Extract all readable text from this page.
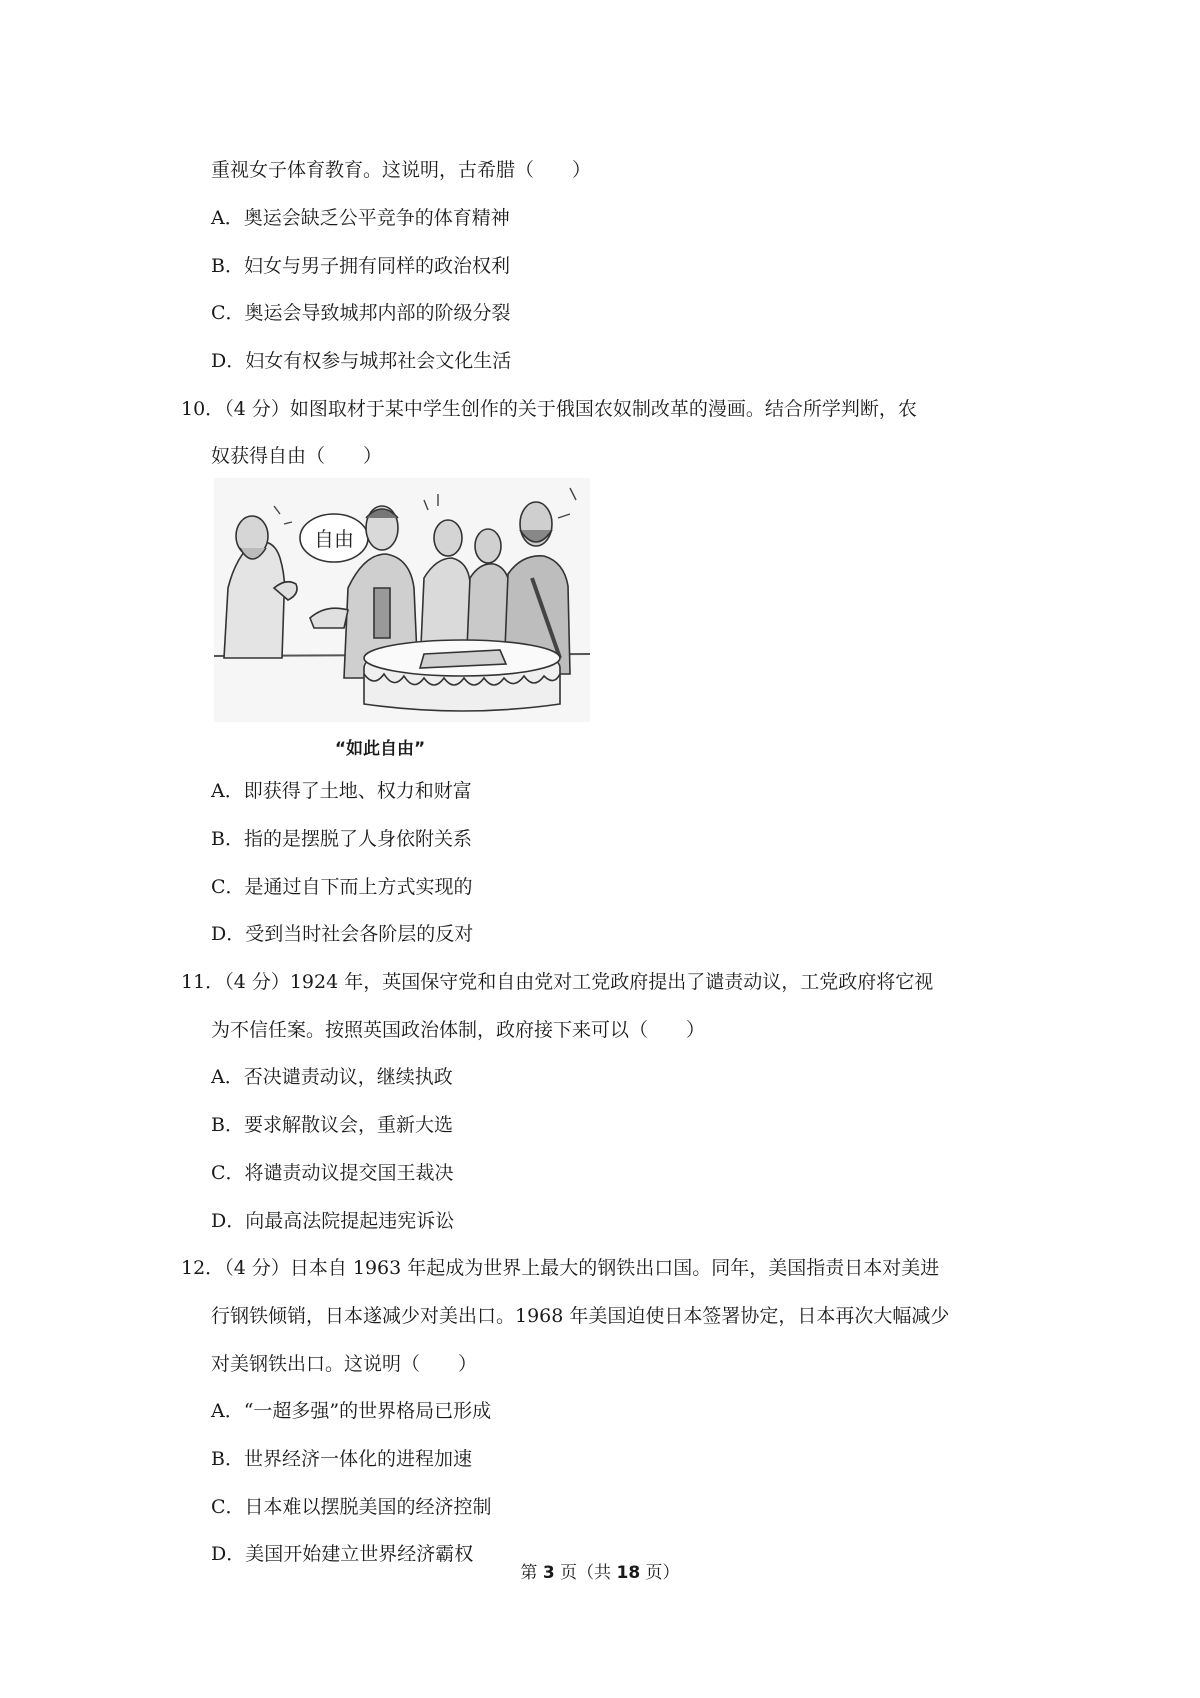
重视女子体育教育。这说明，古希腊（　　）
A．奥运会缺乏公平竞争的体育精神
B．妇女与男子拥有同样的政治权利
C．奥运会导致城邦内部的阶级分裂
D．妇女有权参与城邦社会文化生活
10．（4 分）如图取材于某中学生创作的关于俄国农奴制改革的漫画。结合所学判断，农
奴获得自由（　　）
自由
“如此自由”
A．即获得了土地、权力和财富
B．指的是摆脱了人身依附关系
C．是通过自下而上方式实现的
D．受到当时社会各阶层的反对
11．（4 分）1924 年，英国保守党和自由党对工党政府提出了谴责动议，工党政府将它视
为不信任案。按照英国政治体制，政府接下来可以（　　）
A．否决谴责动议，继续执政
B．要求解散议会，重新大选
C．将谴责动议提交国王裁决
D．向最高法院提起违宪诉讼
12．（4 分）日本自 1963 年起成为世界上最大的钢铁出口国。同年，美国指责日本对美进
行钢铁倾销，日本遂减少对美出口。1968 年美国迫使日本签署协定，日本再次大幅减少
对美钢铁出口。这说明（　　）
A．“一超多强”的世界格局已形成
B．世界经济一体化的进程加速
C．日本难以摆脱美国的经济控制
D．美国开始建立世界经济霸权
第 3 页（共 18 页）
